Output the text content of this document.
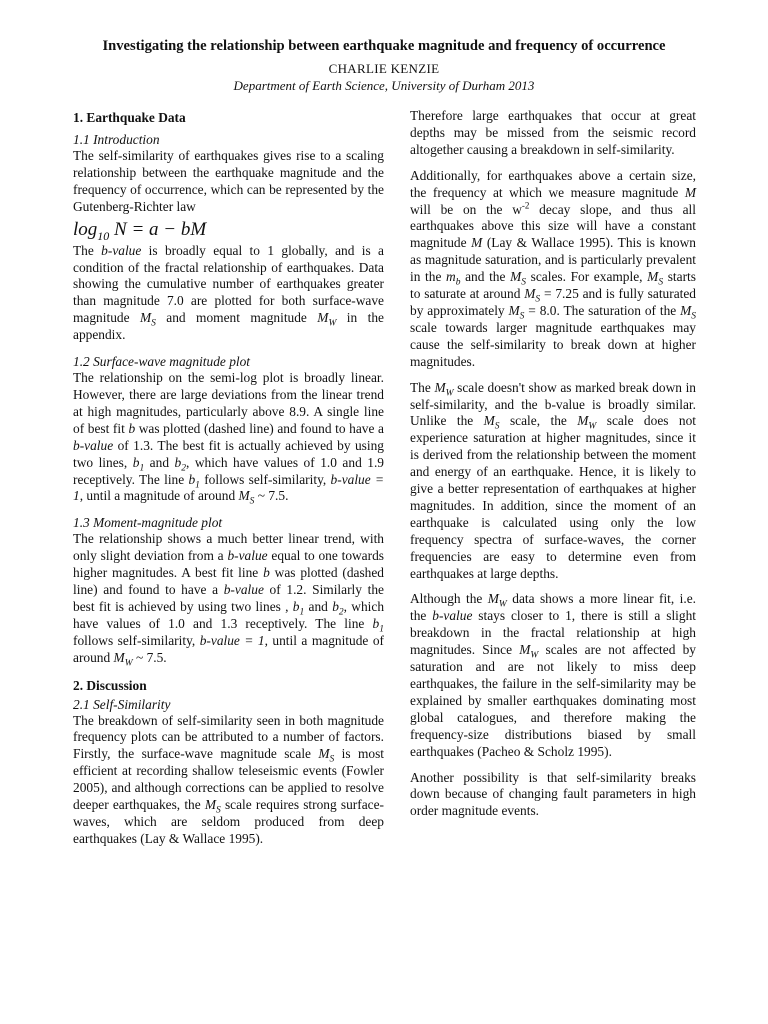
Investigating the relationship between earthquake magnitude and frequency of occurrence
CHARLIE KENZIE
Department of Earth Science, University of Durham 2013
1. Earthquake Data
1.1 Introduction

The self-similarity of earthquakes gives rise to a scaling relationship between the earthquake magnitude and the frequency of occurrence, which can be represented by the Gutenberg-Richter law

$\log_{10} N = a$ − bM

The b-value is broadly equal to 1 globally, and is a condition of the fractal relationship of earthquakes. Data showing the cumulative number of earthquakes greater than magnitude 7.0 are plotted for both surface-wave magnitude $M_S$ and moment magnitude $M_W$ in the appendix.

1.2 Surface-wave magnitude plot

The relationship on the semi-log plot is broadly linear. However, there are large deviations from the linear trend at high magnitudes, particularly above 8.9. A single line of best fit b was plotted (dashed line) and found to have a b-value of 1.3. The best fit is actually achieved by using two lines, $b_1$ and $b_2$, which have values of 1.0 and 1.9 receptively. The line $b_1$ follows self-similarity, b-value = 1, until a magnitude of around $M_S$ ~ 7.5.

1.3 Moment-magnitude plot

The relationship shows a much better linear trend, with only slight deviation from a b-value equal to one towards higher magnitudes. A best fit line b was plotted (dashed line) and found to have a b-value of 1.2. Similarly the best fit is achieved by using two lines , $b_1$ and $b_2$, which have values of 1.0 and 1.3 receptively. The line $b_1$ follows self-similarity, b-value = 1, until a magnitude of around $M_W$ ~ 7.5.

2. Discussion
2.1 Self-Similarity

The breakdown of self-similarity seen in both magnitude frequency plots can be attributed to a number of factors. Firstly, the surface-wave magnitude scale $M_S$ is most efficient at recording shallow teleseismic events (Fowler 2005), and although corrections can be applied to resolve deeper earthquakes, the $M_S$ scale requires strong surface-waves, which are seldom produced from deep earthquakes (Lay & Wallace 1995).

Therefore large earthquakes that occur at great depths may be missed from the seismic record altogether causing a breakdown in self-similarity.

Additionally, for earthquakes above a certain size, the frequency at which we measure magnitude M will be on the $w^{-2}$ decay slope, and thus all earthquakes above this size will have a constant magnitude M (Lay & Wallace 1995). This is known as magnitude saturation, and is particularly prevalent in the $m_b$ and the $M_S$ scales. For example, $M_S$ starts to saturate at around $M_S = 7.25$ and is fully saturated by approximately $M_S = 8.0$. The saturation of the $M_S$ scale towards larger magnitude earthquakes may cause the self-similarity to break down at higher magnitudes.

The $M_W$ scale doesn't show as marked break down in self-similarity, and the b-value is broadly similar. Unlike the $M_S$ scale, the $M_W$ scale does not experience saturation at higher magnitudes, since it is derived from the relationship between the moment and energy of an earthquake. Hence, it is likely to give a better representation of earthquakes at higher magnitudes. In addition, since the moment of an earthquake is calculated using only the low frequency spectra of surface-waves, the corner frequencies are easy to determine even from earthquakes at large depths.

Although the $M_W$ data shows a more linear fit, i.e. the b-value stays closer to 1, there is still a slight breakdown in the fractal relationship at high magnitudes. Since $M_W$ scales are not affected by saturation and are not likely to miss deep earthquakes, the failure in the self-similarity may be explained by smaller earthquakes dominating most global catalogues, and therefore making the frequency-size distributions biased by small earthquakes (Pacheo & Scholz 1995).

Another possibility is that self-similarity breaks down because of changing fault parameters in high order magnitude events.
